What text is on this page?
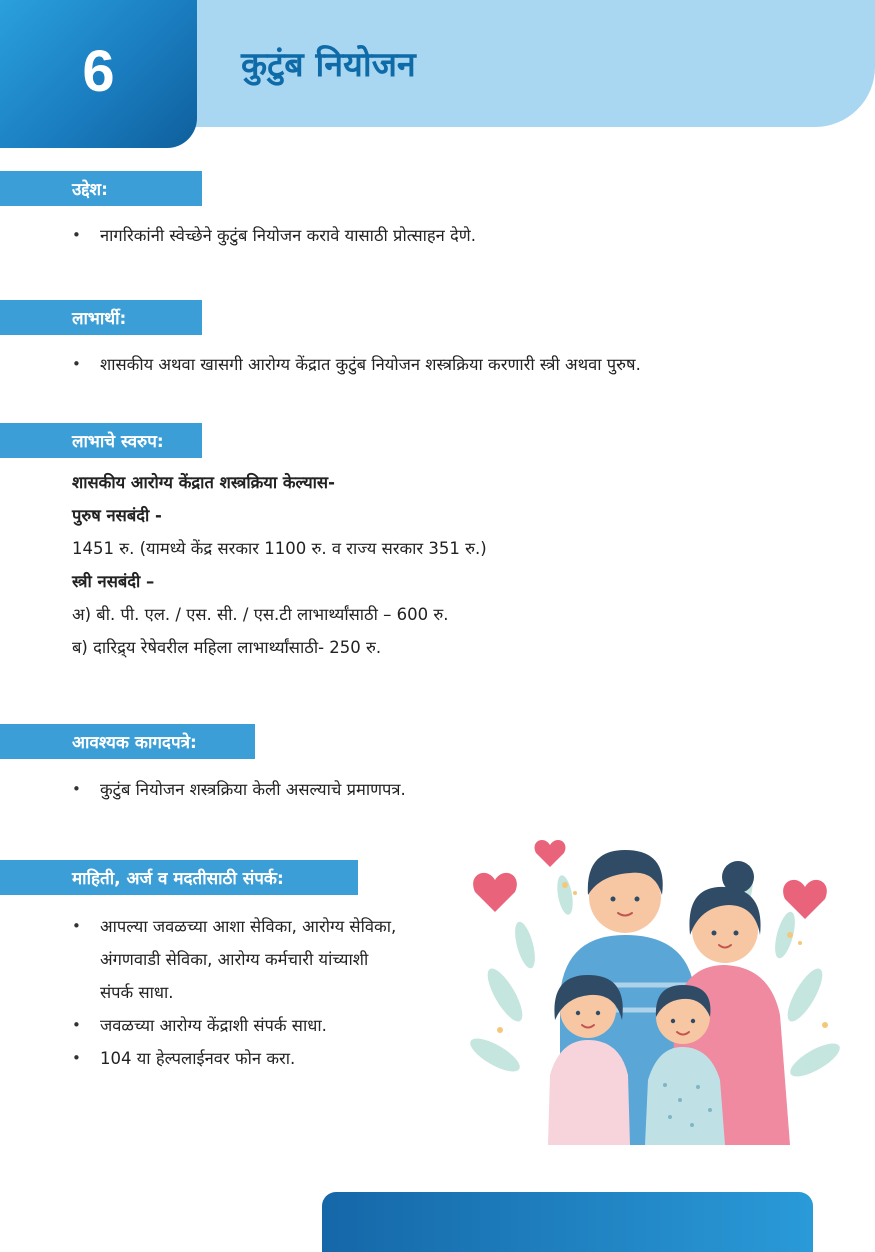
6	कुटुंब नियोजन
उद्देश:
• नागरिकांनी स्वेच्छेने कुटुंब नियोजन करावे यासाठी प्रोत्साहन देणे.
लाभार्थी:
• शासकीय अथवा खासगी आरोग्य केंद्रात कुटुंब नियोजन शस्त्रक्रिया करणारी स्त्री अथवा पुरुष.
लाभाचे स्वरुप:

शासकीय आरोग्य केंद्रात शस्त्रक्रिया केल्यास-

पुरुष नसबंदी -

1451 रु. (यामध्ये केंद्र सरकार 1100 रु. व राज्य सरकार 351 रु.)

स्त्री नसबंदी –

अ) बी. पी. एल. / एस. सी. / एस.टी लाभार्थ्यांसाठी – 600 रु.

ब) दारिद्र्य रेषेवरील महिला लाभार्थ्यांसाठी- 250 रु.

आवश्यक कागदपत्रे:
• कुटुंब नियोजन शस्त्रक्रिया केली असल्याचे प्रमाणपत्र.
माहिती, अर्ज व मदतीसाठी संपर्क:
• आपल्या जवळच्या आशा सेविका, आरोग्य सेविका,
अंगणवाडी सेविका, आरोग्य कर्मचारी यांच्याशी
संपर्क साधा.
• जवळच्या आरोग्य केंद्राशी संपर्क साधा.
• 104 या हेल्पलाईनवर फोन करा.
